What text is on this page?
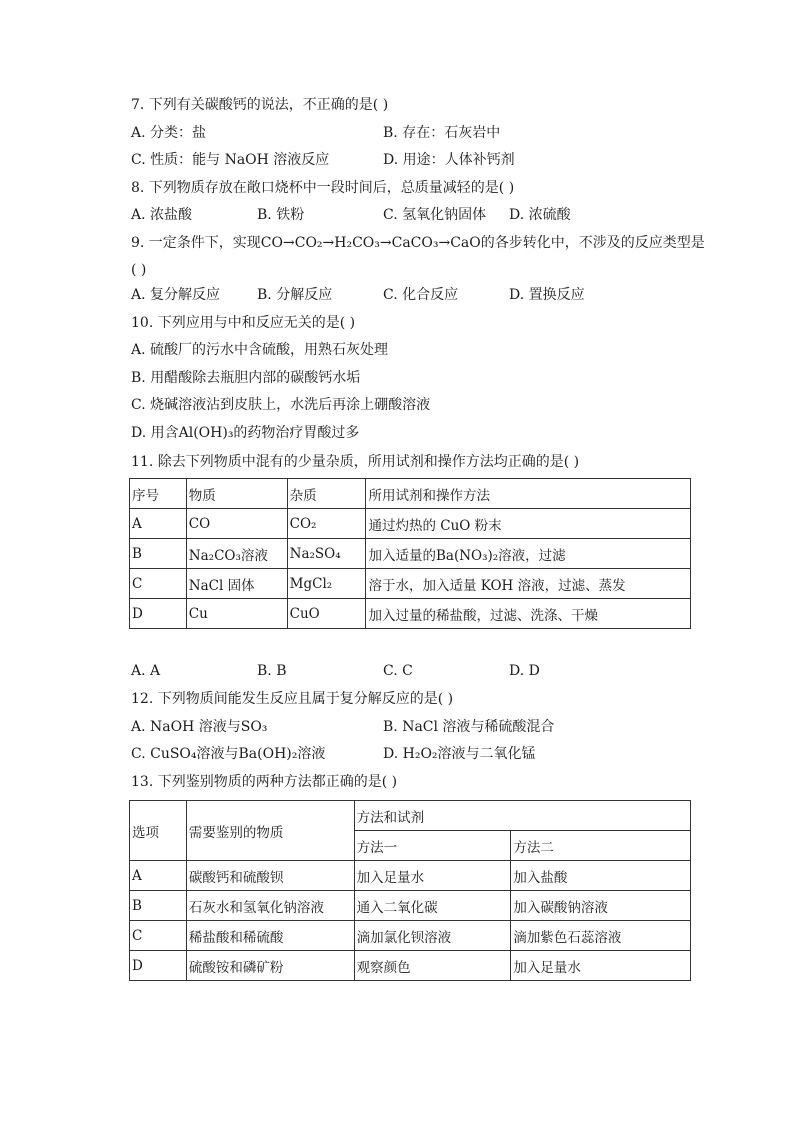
7. 下列有关碳酸钙的说法，不正确的是( )
A. 分类：盐	B. 存在：石灰岩中
C. 性质：能与 NaOH 溶液反应	D. 用途：人体补钙剂
8. 下列物质存放在敞口烧杯中一段时间后，总质量减轻的是( )
A. 浓盐酸	B. 铁粉	C. 氢氧化钠固体 D. 浓硫酸
9. 一定条件下，实现CO→CO₂→H₂CO₃→CaCO₃→CaO的各步转化中，不涉及的反应类型是
( )
A. 复分解反应	B. 分解反应	C. 化合反应	D. 置换反应
10. 下列应用与中和反应无关的是( )
A. 硫酸厂的污水中含硫酸，用熟石灰处理
B. 用醋酸除去瓶胆内部的碳酸钙水垢
C. 烧碱溶液沾到皮肤上，水洗后再涂上硼酸溶液
D. 用含Al(OH)₃的药物治疗胃酸过多
11. 除去下列物质中混有的少量杂质，所用试剂和操作方法均正确的是( )
序号	物质	杂质	所用试剂和操作方法
A	CO	CO₂	通过灼热的 CuO 粉末
B	Na₂CO₃溶液	Na₂SO₄	加入适量的Ba(NO₃)₂溶液，过滤
C	NaCl 固体	MgCl₂	溶于水，加入适量 KOH 溶液，过滤、蒸发
D	Cu	CuO	加入过量的稀盐酸，过滤、洗涤、干燥
A. A	B. B	C. C	D. D
12. 下列物质间能发生反应且属于复分解反应的是( )
A. NaOH 溶液与SO₃	B. NaCl 溶液与稀硫酸混合
C. CuSO₄溶液与Ba(OH)₂溶液	D. H₂O₂溶液与二氧化锰
13. 下列鉴别物质的两种方法都正确的是( )
选项	需要鉴别的物质	方法和试剂	
		方法一	方法二
A	碳酸钙和硫酸钡	加入足量水	加入盐酸
B	石灰水和氢氧化钠溶液	通入二氧化碳	加入碳酸钠溶液
C	稀盐酸和稀硫酸	滴加氯化钡溶液	滴加紫色石蕊溶液
D	硫酸铵和磷矿粉	观察颜色	加入足量水
